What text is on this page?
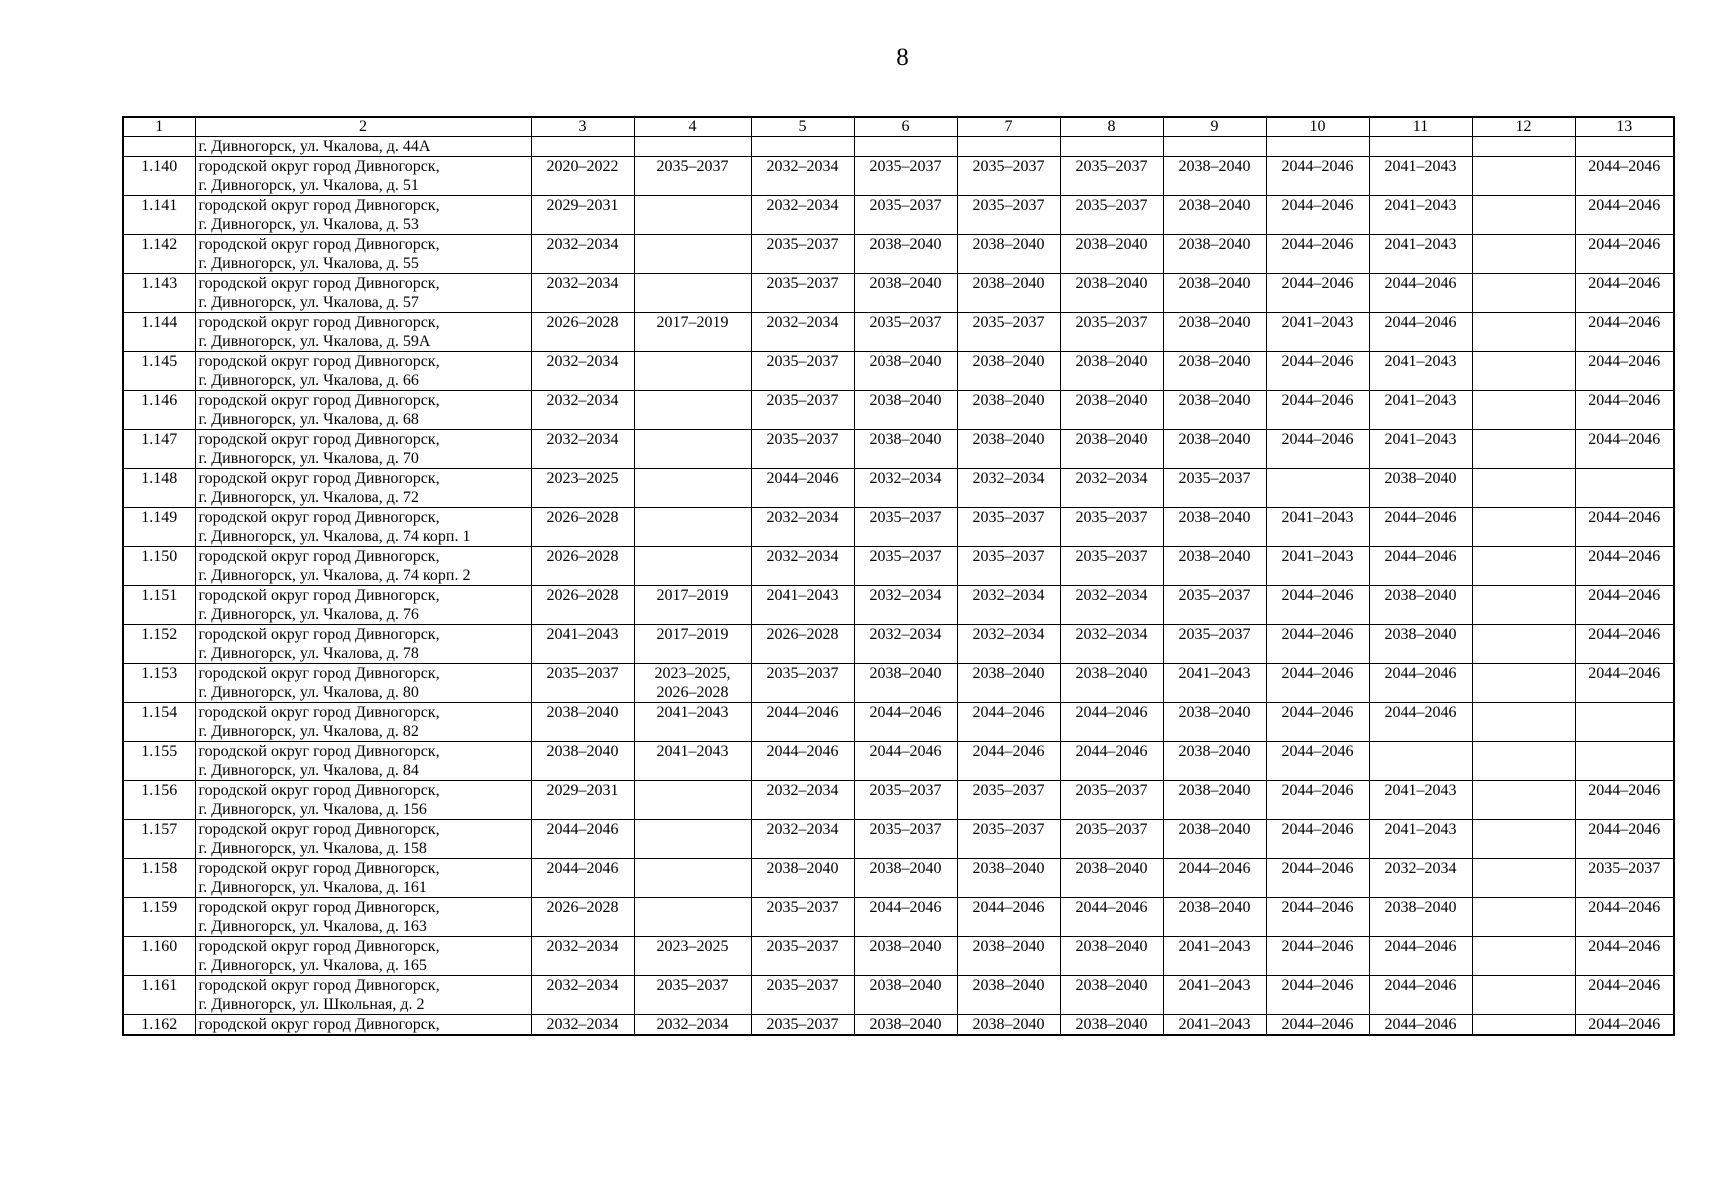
8
1	2	3	4	5	6	7	8	9	10	11	12	13

	г. Дивногорск, ул. Чкалова, д. 44А											

1.140	городской округ город Дивногорск,
г. Дивногорск, ул. Чкалова, д. 51	2020–2022	2035–2037	2032–2034	2035–2037	2035–2037	2035–2037	2038–2040	2044–2046	2041–2043		2044–2046
1.141	городской округ город Дивногорск,
г. Дивногорск, ул. Чкалова, д. 53	2029–2031		2032–2034	2035–2037	2035–2037	2035–2037	2038–2040	2044–2046	2041–2043		2044–2046
1.142	городской округ город Дивногорск,
г. Дивногорск, ул. Чкалова, д. 55	2032–2034		2035–2037	2038–2040	2038–2040	2038–2040	2038–2040	2044–2046	2041–2043		2044–2046
1.143	городской округ город Дивногорск,
г. Дивногорск, ул. Чкалова, д. 57	2032–2034		2035–2037	2038–2040	2038–2040	2038–2040	2038–2040	2044–2046	2044–2046		2044–2046
1.144	городской округ город Дивногорск,
г. Дивногорск, ул. Чкалова, д. 59А	2026–2028	2017–2019	2032–2034	2035–2037	2035–2037	2035–2037	2038–2040	2041–2043	2044–2046		2044–2046
1.145	городской округ город Дивногорск,
г. Дивногорск, ул. Чкалова, д. 66	2032–2034		2035–2037	2038–2040	2038–2040	2038–2040	2038–2040	2044–2046	2041–2043		2044–2046
1.146	городской округ город Дивногорск,
г. Дивногорск, ул. Чкалова, д. 68	2032–2034		2035–2037	2038–2040	2038–2040	2038–2040	2038–2040	2044–2046	2041–2043		2044–2046
1.147	городской округ город Дивногорск,
г. Дивногорск, ул. Чкалова, д. 70	2032–2034		2035–2037	2038–2040	2038–2040	2038–2040	2038–2040	2044–2046	2041–2043		2044–2046
1.148	городской округ город Дивногорск,
г. Дивногорск, ул. Чкалова, д. 72	2023–2025		2044–2046	2032–2034	2032–2034	2032–2034	2035–2037		2038–2040		
1.149	городской округ город Дивногорск,
г. Дивногорск, ул. Чкалова, д. 74 корп. 1	2026–2028		2032–2034	2035–2037	2035–2037	2035–2037	2038–2040	2041–2043	2044–2046		2044–2046
1.150	городской округ город Дивногорск,
г. Дивногорск, ул. Чкалова, д. 74 корп. 2	2026–2028		2032–2034	2035–2037	2035–2037	2035–2037	2038–2040	2041–2043	2044–2046		2044–2046
1.151	городской округ город Дивногорск,
г. Дивногорск, ул. Чкалова, д. 76	2026–2028	2017–2019	2041–2043	2032–2034	2032–2034	2032–2034	2035–2037	2044–2046	2038–2040		2044–2046
1.152	городской округ город Дивногорск,
г. Дивногорск, ул. Чкалова, д. 78	2041–2043	2017–2019	2026–2028	2032–2034	2032–2034	2032–2034	2035–2037	2044–2046	2038–2040		2044–2046
1.153	городской округ город Дивногорск,
г. Дивногорск, ул. Чкалова, д. 80	2035–2037	2023–2025, 2026–2028	2035–2037	2038–2040	2038–2040	2038–2040	2041–2043	2044–2046	2044–2046		2044–2046
1.154	городской округ город Дивногорск,
г. Дивногорск, ул. Чкалова, д. 82	2038–2040	2041–2043	2044–2046	2044–2046	2044–2046	2044–2046	2038–2040	2044–2046	2044–2046		
1.155	городской округ город Дивногорск,
г. Дивногорск, ул. Чкалова, д. 84	2038–2040	2041–2043	2044–2046	2044–2046	2044–2046	2044–2046	2038–2040	2044–2046			
1.156	городской округ город Дивногорск,
г. Дивногорск, ул. Чкалова, д. 156	2029–2031		2032–2034	2035–2037	2035–2037	2035–2037	2038–2040	2044–2046	2041–2043		2044–2046
1.157	городской округ город Дивногорск,
г. Дивногорск, ул. Чкалова, д. 158	2044–2046		2032–2034	2035–2037	2035–2037	2035–2037	2038–2040	2044–2046	2041–2043		2044–2046
1.158	городской округ город Дивногорск,
г. Дивногорск, ул. Чкалова, д. 161	2044–2046		2038–2040	2038–2040	2038–2040	2038–2040	2044–2046	2044–2046	2032–2034		2035–2037
1.159	городской округ город Дивногорск,
г. Дивногорск, ул. Чкалова, д. 163	2026–2028		2035–2037	2044–2046	2044–2046	2044–2046	2038–2040	2044–2046	2038–2040		2044–2046
1.160	городской округ город Дивногорск,
г. Дивногорск, ул. Чкалова, д. 165	2032–2034	2023–2025	2035–2037	2038–2040	2038–2040	2038–2040	2041–2043	2044–2046	2044–2046		2044–2046
1.161	городской округ город Дивногорск,
г. Дивногорск, ул. Школьная, д. 2	2032–2034	2035–2037	2035–2037	2038–2040	2038–2040	2038–2040	2041–2043	2044–2046	2044–2046		2044–2046
1.162	городской округ город Дивногорск,	2032–2034	2032–2034	2035–2037	2038–2040	2038–2040	2038–2040	2041–2043	2044–2046	2044–2046		2044–2046
